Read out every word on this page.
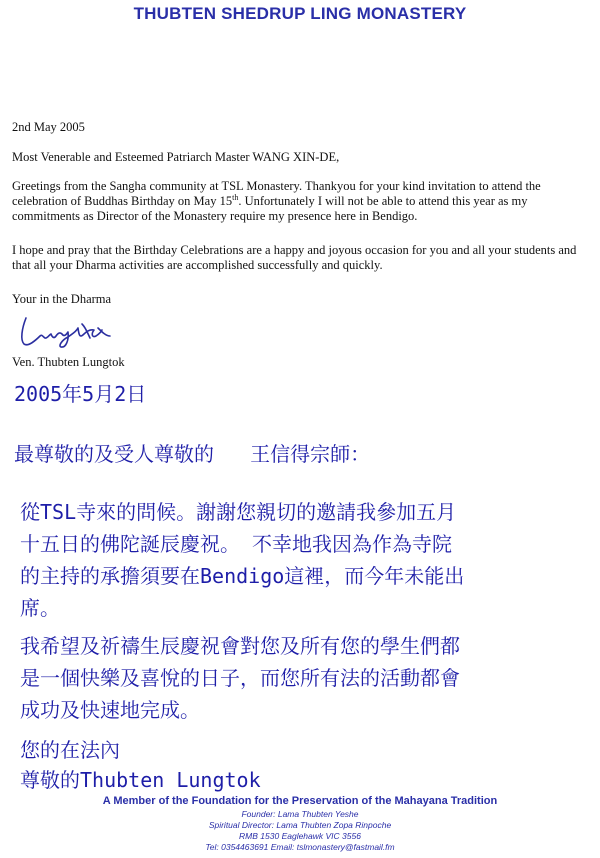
THUBTEN SHEDRUP LING MONASTERY
2nd May 2005
Most Venerable and Esteemed Patriarch Master WANG XIN-DE,
Greetings from the Sangha community at TSL Monastery. Thankyou for your kind invitation to attend the celebration of Buddhas Birthday on May 15th. Unfortunately I will not be able to attend this year as my commitments as Director of the Monastery require my presence here in Bendigo.
I hope and pray that the Birthday Celebrations are a happy and joyous occasion for you and all your students and that all your Dharma activities are accomplished successfully and quickly.
Your in the Dharma
Ven. Thubten Lungtok
2005年5月2日
最尊敬的及受人尊敬的   王信得宗師：
從TSL寺來的問候。謝謝您親切的邀請我參加五月
十五日的佛陀誕辰慶祝。 不幸地我因為作為寺院
的主持的承擔須要在Bendigo這裡，而今年未能出
席。
我希望及祈禱生辰慶祝會對您及所有您的學生們都
是一個快樂及喜悅的日子，而您所有法的活動都會
成功及快速地完成。
您的在法內
尊敬的Thubten Lungtok
A Member of the Foundation for the Preservation of the Mahayana Tradition
Founder: Lama Thubten Yeshe
Spiritual Director: Lama Thubten Zopa Rinpoche
RMB 1530 Eaglehawk VIC 3556
Tel: 0354463691 Email: tslmonastery@fastmail.fm
